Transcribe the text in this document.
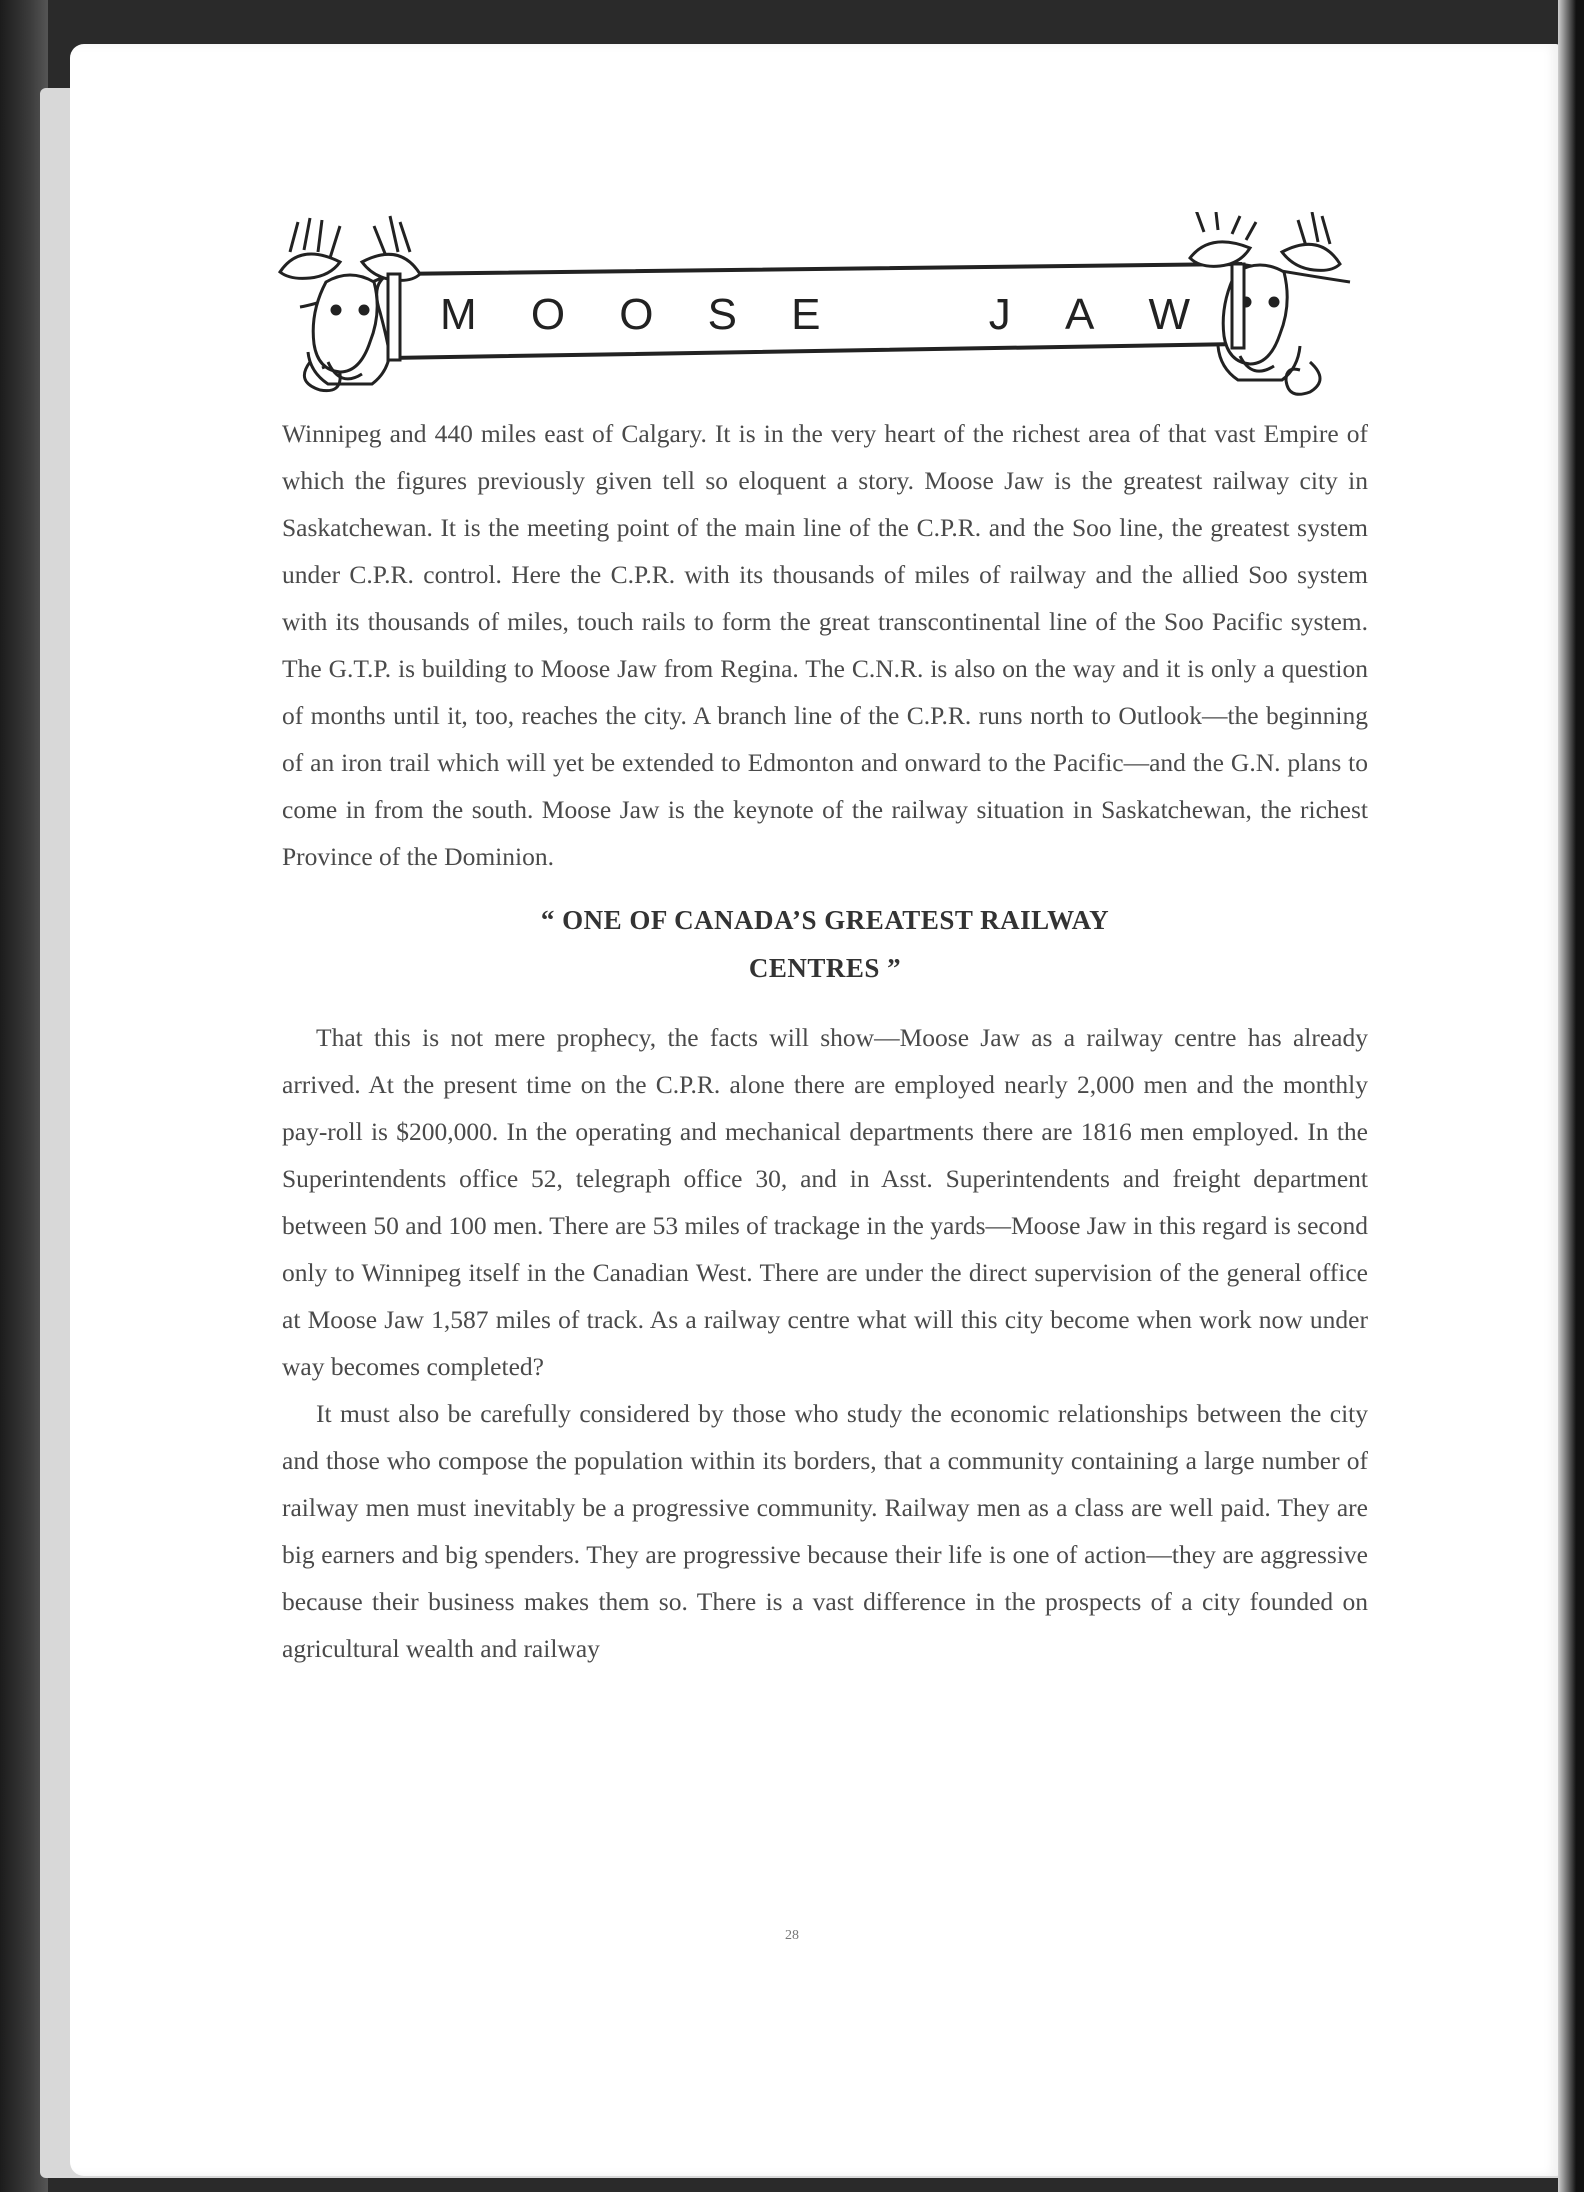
M O O S E	J A W

Winnipeg and 440 miles east of Calgary. It is in the very heart of the richest area of that vast Empire of which the figures previously given tell so eloquent a story. Moose Jaw is the greatest railway city in Saskatchewan. It is the meeting point of the main line of the C.P.R. and the Soo line, the greatest system under C.P.R. control. Here the C.P.R. with its thousands of miles of railway and the allied Soo system with its thousands of miles, touch rails to form the great transcontinental line of the Soo Pacific system. The G.T.P. is building to Moose Jaw from Regina. The C.N.R. is also on the way and it is only a question of months until it, too, reaches the city. A branch line of the C.P.R. runs north to Outlook—the beginning of an iron trail which will yet be extended to Edmonton and onward to the Pacific—and the G.N. plans to come in from the south. Moose Jaw is the keynote of the railway situation in Saskatchewan, the richest Province of the Dominion.

“ ONE OF CANADA’S GREATEST RAILWAY
CENTRES ”

That this is not mere prophecy, the facts will show—Moose Jaw as a railway centre has already arrived. At the present time on the C.P.R. alone there are employed nearly 2,000 men and the monthly pay-roll is $200,000. In the operating and mechanical departments there are 1816 men employed. In the Superintendents office 52, telegraph office 30, and in Asst. Superintendents and freight department between 50 and 100 men. There are 53 miles of trackage in the yards—Moose Jaw in this regard is second only to Winnipeg itself in the Canadian West. There are under the direct supervision of the general office at Moose Jaw 1,587 miles of track. As a railway centre what will this city become when work now under way becomes completed?

It must also be carefully considered by those who study the economic relationships between the city and those who compose the population within its borders, that a community containing a large number of railway men must inevitably be a progressive community. Railway men as a class are well paid. They are big earners and big spenders. They are progressive because their life is one of action—they are aggressive because their business makes them so. There is a vast difference in the prospects of a city founded on agricultural wealth and railway

28
